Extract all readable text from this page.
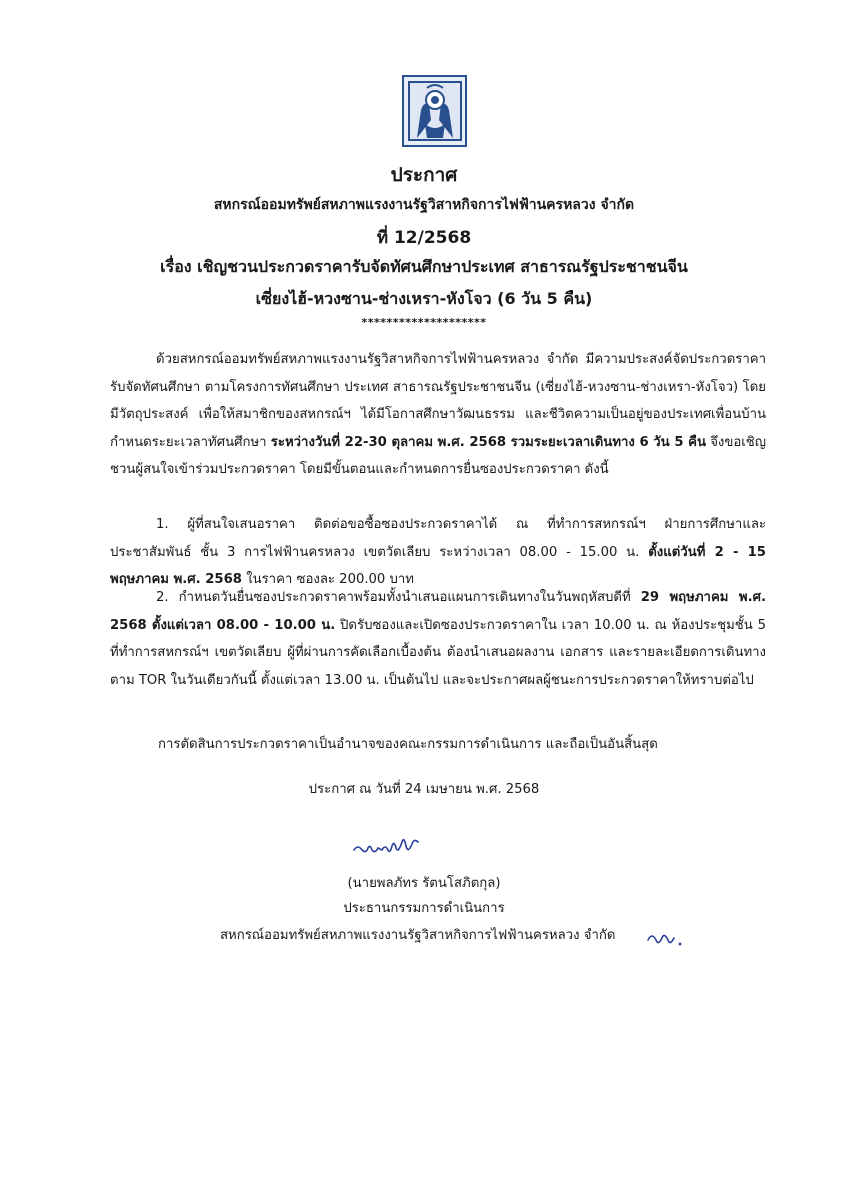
ประกาศ
สหกรณ์ออมทรัพย์สหภาพแรงงานรัฐวิสาหกิจการไฟฟ้านครหลวง จำกัด
ที่ 12/2568
เรื่อง เชิญชวนประกวดราคารับจัดทัศนศึกษาประเทศ สาธารณรัฐประชาชนจีน
เซี่ยงไฮ้-หวงซาน-ช่างเหรา-หังโจว (6 วัน 5 คืน)
********************
ด้วยสหกรณ์ออมทรัพย์สหภาพแรงงานรัฐวิสาหกิจการไฟฟ้านครหลวง จำกัด มีความประสงค์จัดประกวดราคารับจัดทัศนศึกษา ตามโครงการทัศนศึกษา ประเทศ สาธารณรัฐประชาชนจีน (เซี่ยงไฮ้-หวงซาน-ช่างเหรา-หังโจว) โดยมีวัตถุประสงค์ เพื่อให้สมาชิกของสหกรณ์ฯ ได้มีโอกาสศึกษาวัฒนธรรม และชีวิตความเป็นอยู่ของประเทศเพื่อนบ้าน กำหนดระยะเวลาทัศนศึกษา ระหว่างวันที่ 22-30 ตุลาคม พ.ศ. 2568 รวมระยะเวลาเดินทาง 6 วัน 5 คืน จึงขอเชิญชวนผู้สนใจเข้าร่วมประกวดราคา โดยมีขั้นตอนและกำหนดการยื่นซองประกวดราคา ดังนี้
1. ผู้ที่สนใจเสนอราคา ติดต่อขอซื้อซองประกวดราคาได้ ณ ที่ทำการสหกรณ์ฯ ฝ่ายการศึกษาและประชาสัมพันธ์ ชั้น 3 การไฟฟ้านครหลวง เขตวัดเลียบ ระหว่างเวลา 08.00 - 15.00 น. ตั้งแต่วันที่ 2 - 15 พฤษภาคม พ.ศ. 2568 ในราคา ซองละ 200.00 บาท
2. กำหนดวันยื่นซองประกวดราคาพร้อมทั้งนำเสนอแผนการเดินทางในวันพฤหัสบดีที่ 29 พฤษภาคม พ.ศ. 2568 ตั้งแต่เวลา 08.00 - 10.00 น. ปิดรับซองและเปิดซองประกวดราคาใน เวลา 10.00 น. ณ ห้องประชุมชั้น 5 ที่ทำการสหกรณ์ฯ เขตวัดเลียบ ผู้ที่ผ่านการคัดเลือกเบื้องต้น ต้องนำเสนอผลงาน เอกสาร และรายละเอียดการเดินทางตาม TOR ในวันเดียวกันนี้ ตั้งแต่เวลา 13.00 น. เป็นต้นไป และจะประกาศผลผู้ชนะการประกวดราคาให้ทราบต่อไป
การตัดสินการประกวดราคาเป็นอำนาจของคณะกรรมการดำเนินการ และถือเป็นอันสิ้นสุด
ประกาศ ณ วันที่ 24 เมษายน พ.ศ. 2568
(นายพลภัทร รัตนโสภิตกุล)
ประธานกรรมการดำเนินการ
สหกรณ์ออมทรัพย์สหภาพแรงงานรัฐวิสาหกิจการไฟฟ้านครหลวง จำกัด
